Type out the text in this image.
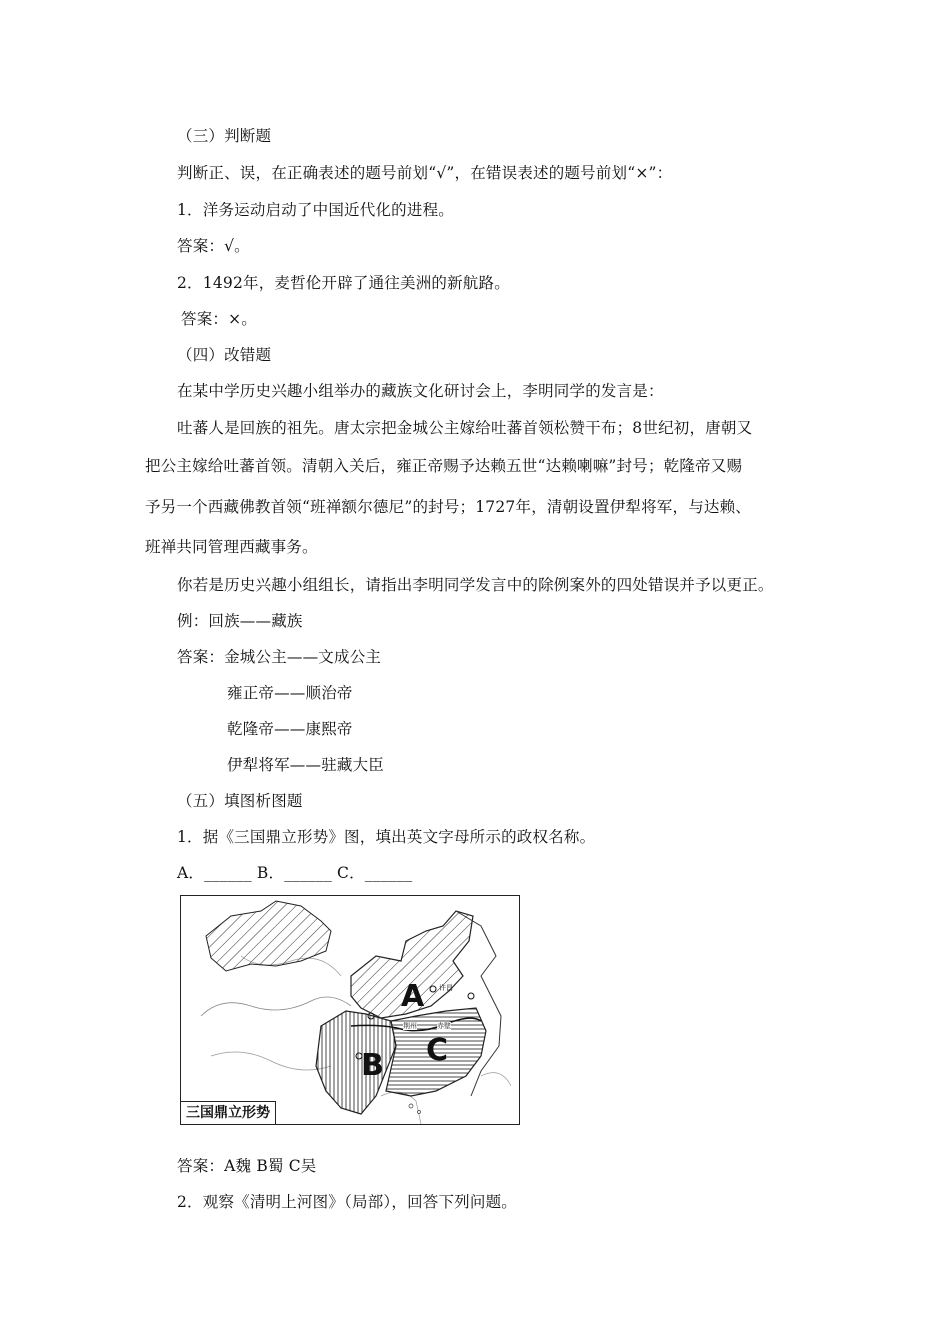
（三）判断题
判断正、误，在正确表述的题号前划“√”，在错误表述的题号前划“×”：
1．洋务运动启动了中国近代化的进程。
答案：√。
2．1492年，麦哲伦开辟了通往美洲的新航路。
答案：×。
（四）改错题
在某中学历史兴趣小组举办的藏族文化研讨会上，李明同学的发言是：
吐蕃人是回族的祖先。唐太宗把金城公主嫁给吐蕃首领松赞干布；8世纪初，唐朝又
把公主嫁给吐蕃首领。清朝入关后，雍正帝赐予达赖五世“达赖喇嘛”封号；乾隆帝又赐
予另一个西藏佛教首领“班禅额尔德尼”的封号；1727年，清朝设置伊犁将军，与达赖、
班禅共同管理西藏事务。
你若是历史兴趣小组组长，请指出李明同学发言中的除例案外的四处错误并予以更正。
例：回族——藏族
答案：金城公主——文成公主
雍正帝——顺治帝
乾隆帝——康熙帝
伊犁将军——驻藏大臣
（五）填图析图题
1．据《三国鼎立形势》图，填出英文字母所示的政权名称。
A．______ B．______ C．______
A
B C
许昌
荆州	赤壁
三国鼎立形势
答案：A魏 B蜀 C吴
2．观察《清明上河图》（局部），回答下列问题。
